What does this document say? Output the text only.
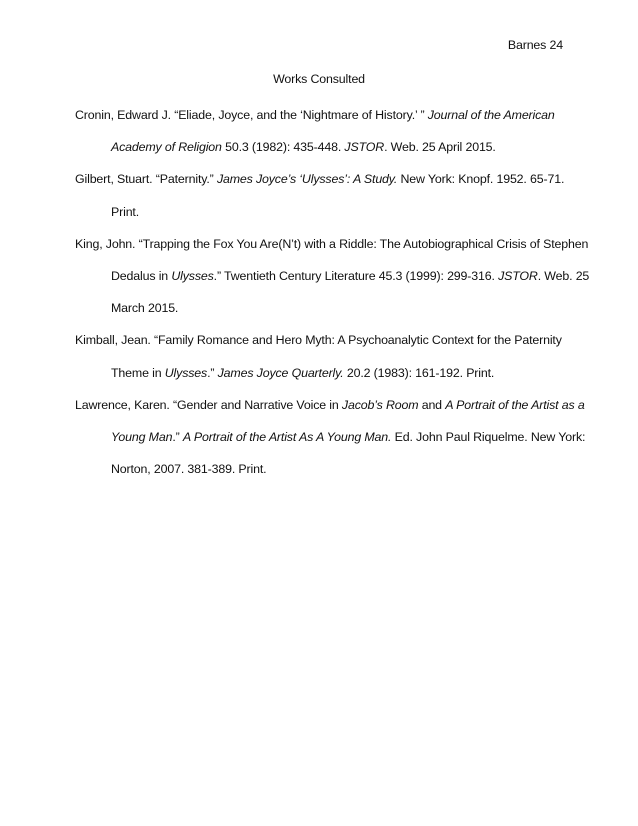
Barnes 24
Works Consulted
Cronin, Edward J. “Eliade, Joyce, and the ‘Nightmare of History.’ ” Journal of the American
Academy of Religion 50.3 (1982): 435-448. JSTOR. Web. 25 April 2015.
Gilbert, Stuart. “Paternity.” James Joyce’s ‘Ulysses’: A Study. New York: Knopf. 1952. 65-71.
Print.
King, John. “Trapping the Fox You Are(N’t) with a Riddle: The Autobiographical Crisis of Stephen
Dedalus in Ulysses.” Twentieth Century Literature 45.3 (1999): 299-316. JSTOR. Web. 25
March 2015.
Kimball, Jean. “Family Romance and Hero Myth: A Psychoanalytic Context for the Paternity
Theme in Ulysses.” James Joyce Quarterly. 20.2 (1983): 161-192. Print.
Lawrence, Karen. “Gender and Narrative Voice in Jacob’s Room and A Portrait of the Artist as a
Young Man.” A Portrait of the Artist As A Young Man. Ed. John Paul Riquelme. New York:
Norton, 2007. 381-389. Print.
